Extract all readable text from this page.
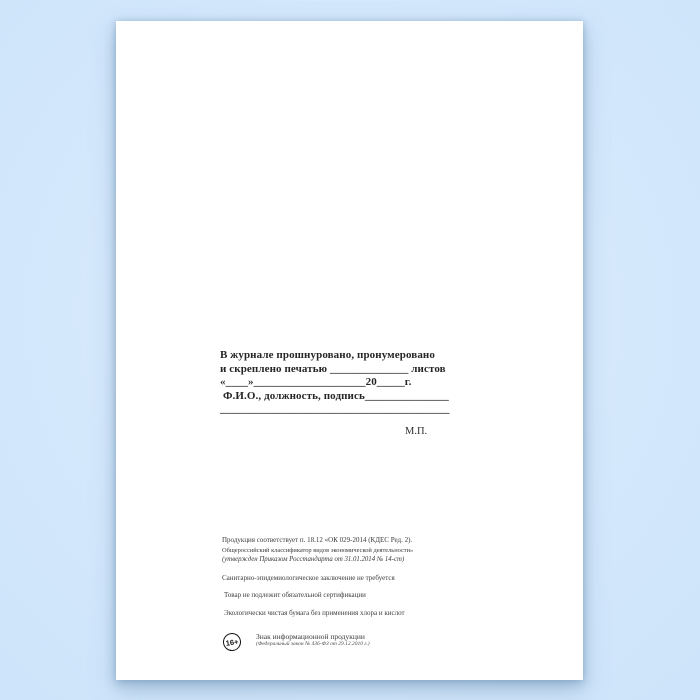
В журнале прошнуровано, пронумеровано
и скреплено печатью ______________ листов
«____»____________________20_____г.
Ф.И.О., должность, подпись_______________
_________________________________________
М.П.
Продукция соответствует п. 18.12 «ОК 029-2014 (КДЕС Ред. 2).
Общероссийский классификатор видов экономической деятельности»
(утвержден Приказом Росстандарта от 31.01.2014 № 14-ст)
Санитарно-эпидемиологическое заключение не требуется
Товар не подлежит обязательной сертификации
Экологически чистая бумага без применения хлора и кислот
16+
Знак информационной продукции
(Федеральный закон № 436-ФЗ от 29.12.2010 г.)
